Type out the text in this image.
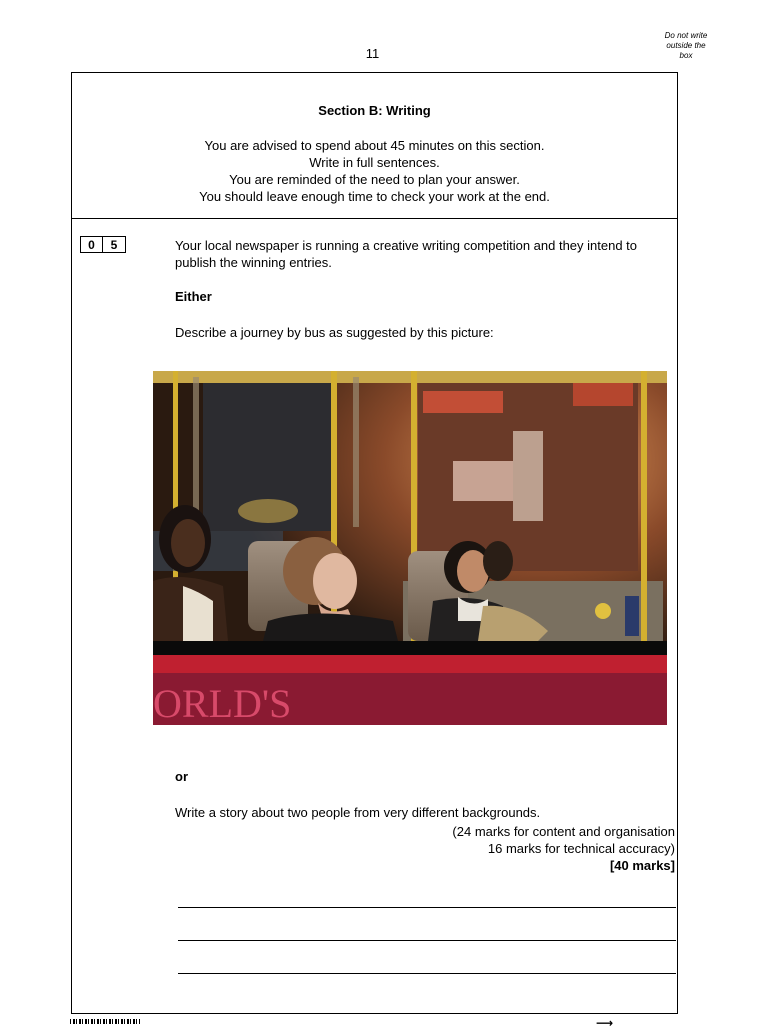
11
Do not write
outside the
box
Section B: Writing
You are advised to spend about 45 minutes on this section.
Write in full sentences.
You are reminded of the need to plan your answer.
You should leave enough time to check your work at the end.
0	5	Your local newspaper is running a creative writing competition and they intend to publish the winning entries.
Either
Describe a journey by bus as suggested by this picture:
ORLD'S
or
Write a story about two people from very different backgrounds.
(24 marks for content and organisation
16 marks for technical accuracy)
[40 marks]
⟶
